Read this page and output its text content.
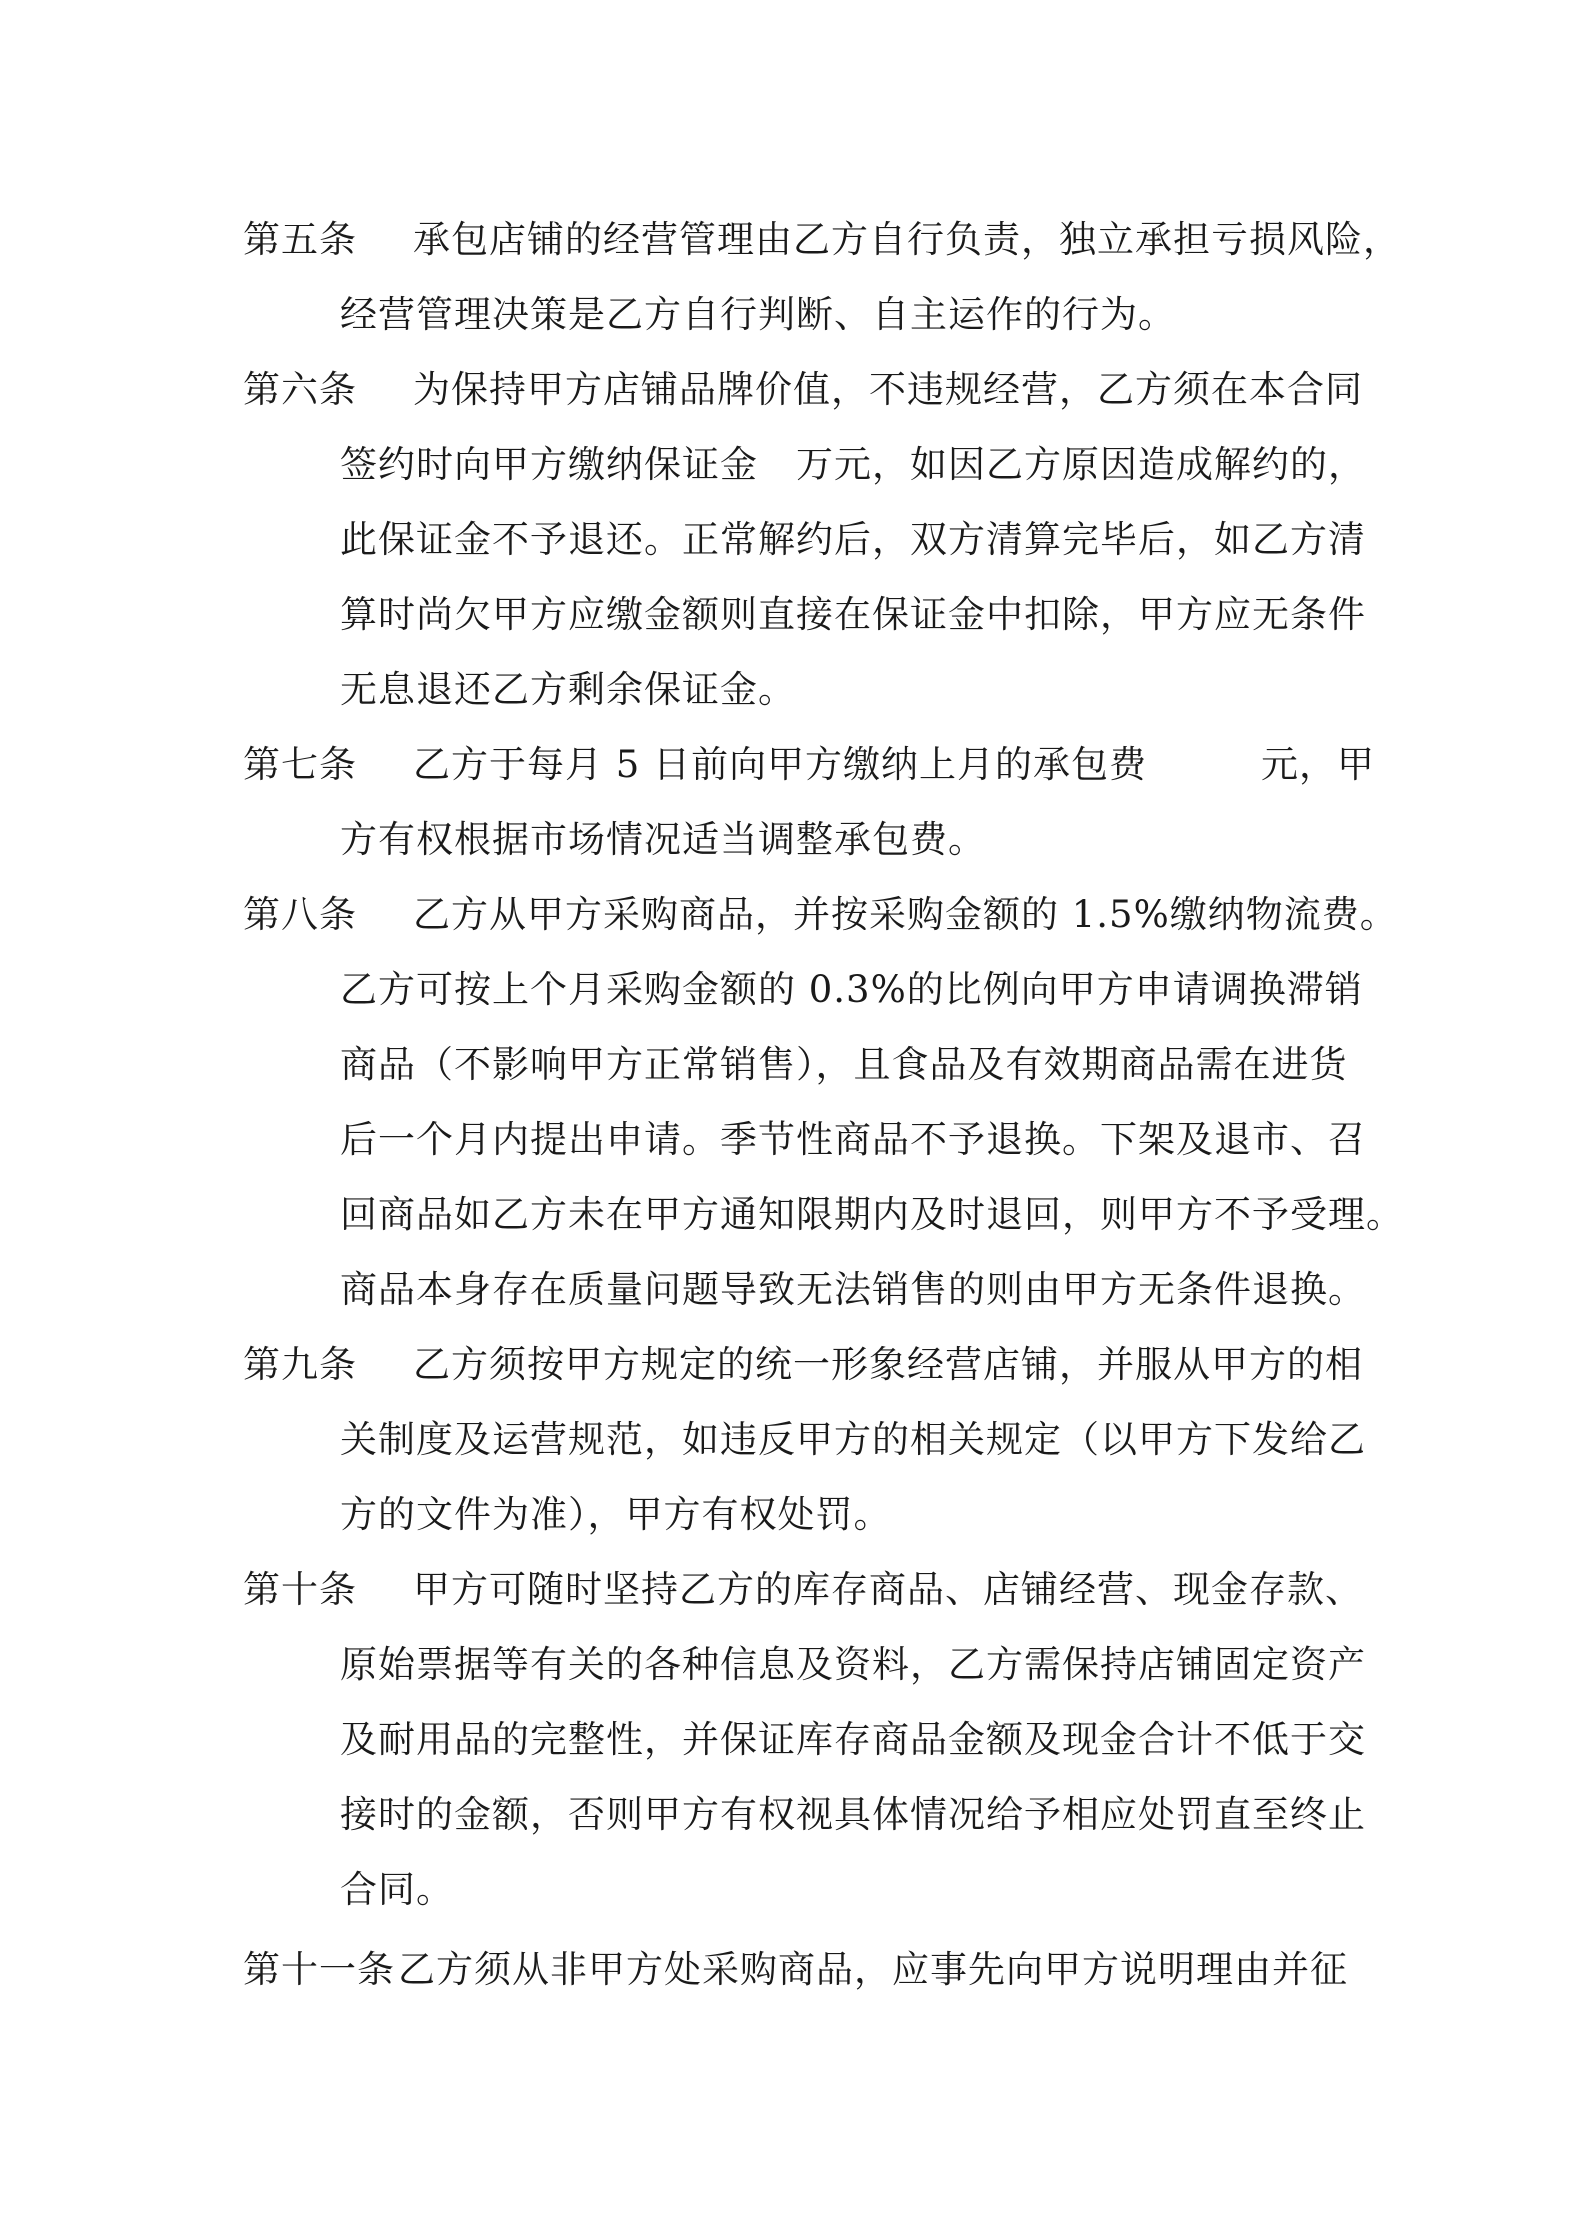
第五条 承包店铺的经营管理由乙方自行负责，独立承担亏损风险，
经营管理决策是乙方自行判断、自主运作的行为。
第六条 为保持甲方店铺品牌价值，不违规经营，乙方须在本合同
签约时向甲方缴纳保证金　万元，如因乙方原因造成解约的，
此保证金不予退还。正常解约后，双方清算完毕后，如乙方清
算时尚欠甲方应缴金额则直接在保证金中扣除，甲方应无条件
无息退还乙方剩余保证金。
第七条 乙方于每月 5 日前向甲方缴纳上月的承包费　　　元，甲
方有权根据市场情况适当调整承包费。
第八条 乙方从甲方采购商品，并按采购金额的 1.5%缴纳物流费。
乙方可按上个月采购金额的 0.3%的比例向甲方申请调换滞销
商品（不影响甲方正常销售），且食品及有效期商品需在进货
后一个月内提出申请。季节性商品不予退换。下架及退市、召
回商品如乙方未在甲方通知限期内及时退回，则甲方不予受理。
商品本身存在质量问题导致无法销售的则由甲方无条件退换。
第九条 乙方须按甲方规定的统一形象经营店铺，并服从甲方的相
关制度及运营规范，如违反甲方的相关规定（以甲方下发给乙
方的文件为准），甲方有权处罚。
第十条 甲方可随时坚持乙方的库存商品、店铺经营、现金存款、
原始票据等有关的各种信息及资料，乙方需保持店铺固定资产
及耐用品的完整性，并保证库存商品金额及现金合计不低于交
接时的金额，否则甲方有权视具体情况给予相应处罚直至终止
合同。
第十一条 乙方须从非甲方处采购商品，应事先向甲方说明理由并征
